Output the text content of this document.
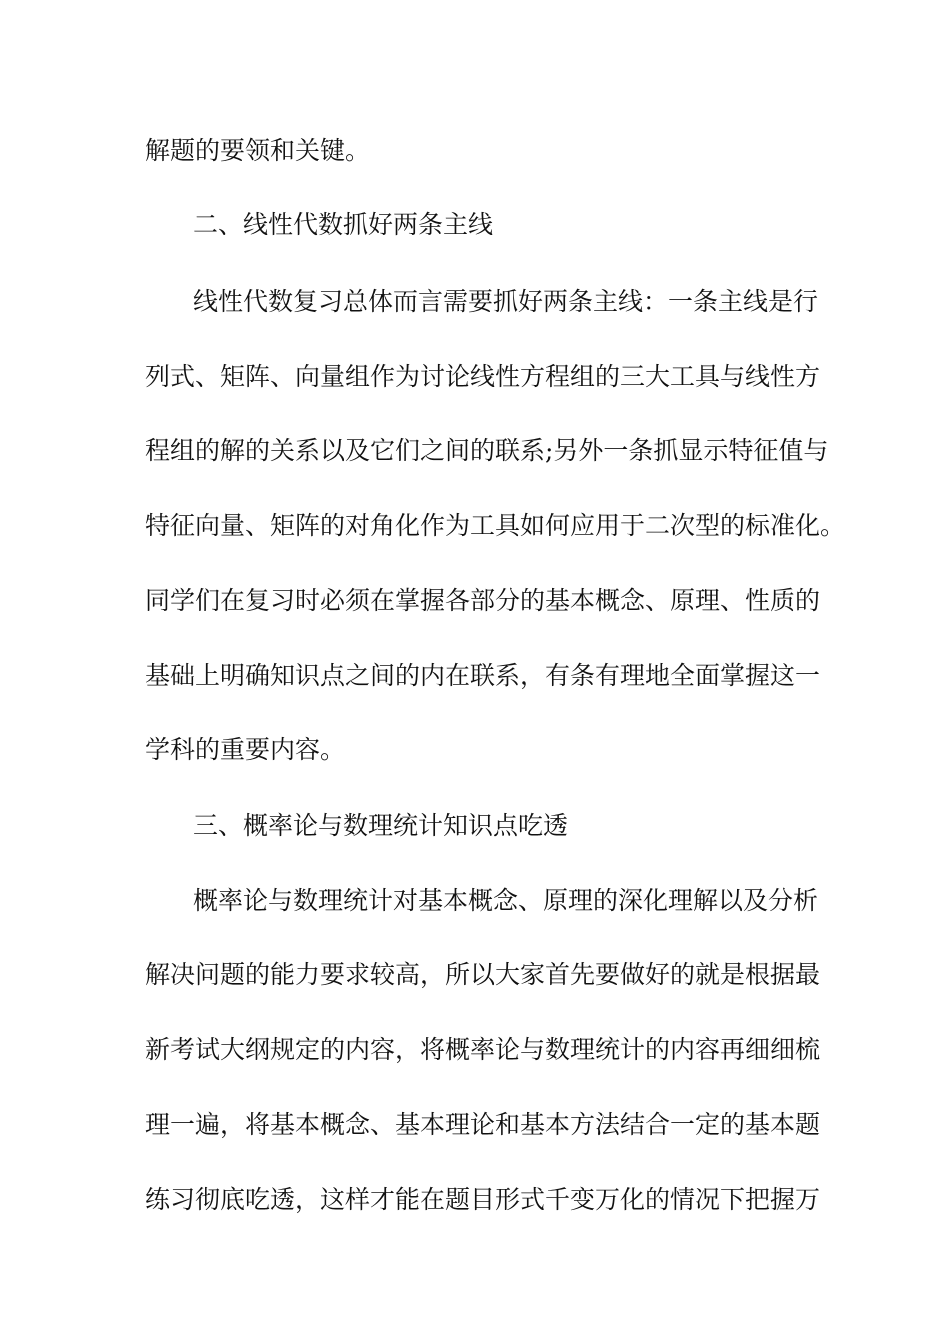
解题的要领和关键。
二、线性代数抓好两条主线
线性代数复习总体而言需要抓好两条主线：一条主线是行
列式、矩阵、向量组作为讨论线性方程组的三大工具与线性方
程组的解的关系以及它们之间的联系;另外一条抓显示特征值与
特征向量、矩阵的对角化作为工具如何应用于二次型的标准化。
同学们在复习时必须在掌握各部分的基本概念、原理、性质的
基础上明确知识点之间的内在联系，有条有理地全面掌握这一
学科的重要内容。
三、概率论与数理统计知识点吃透
概率论与数理统计对基本概念、原理的深化理解以及分析
解决问题的能力要求较高，所以大家首先要做好的就是根据最
新考试大纲规定的内容，将概率论与数理统计的内容再细细梳
理一遍，将基本概念、基本理论和基本方法结合一定的基本题
练习彻底吃透，这样才能在题目形式千变万化的情况下把握万
